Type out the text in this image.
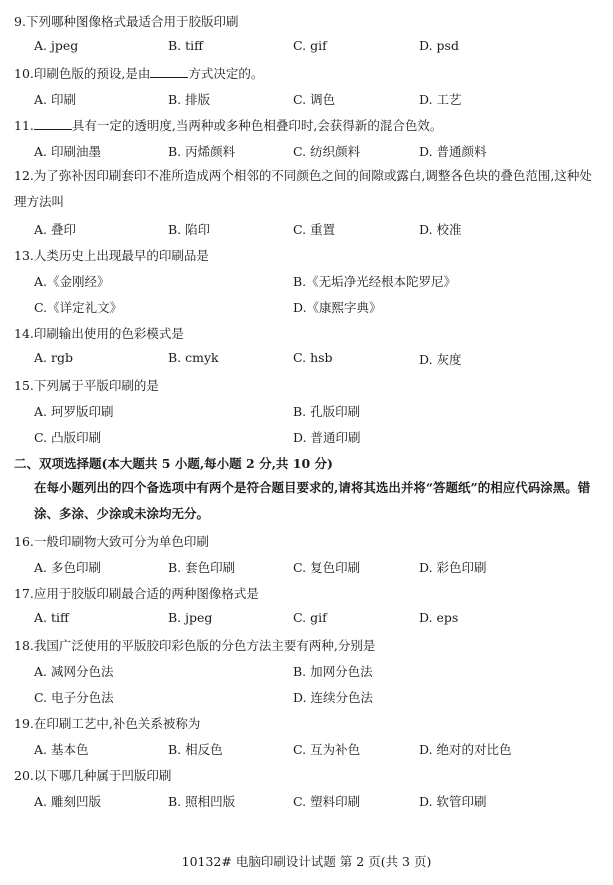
9.下列哪种图像格式最适合用于胶版印刷
A. jpeg	B. tiff	C. gif	D. psd
10.印刷色版的预设,是由	方式决定的。
A. 印刷	B. 排版	C. 调色	D. 工艺
11.	具有一定的透明度,当两种或多种色相叠印时,会获得新的混合色效。
A. 印刷油墨	B. 丙烯颜料	C. 纺织颜料	D. 普通颜料
12.为了弥补因印刷套印不准所造成两个相邻的不同颜色之间的间隙或露白,调整各色块的叠色范围,这种处理方法叫
A. 叠印	B. 陷印	C. 重置	D. 校准
13.人类历史上出现最早的印刷品是
A.《金刚经》	B.《无垢净光经根本陀罗尼》
C.《详定礼文》	D.《康熙字典》
14.印刷输出使用的色彩模式是
A. rgb	B. cmyk	C. hsb	D. 灰度
15.下列属于平版印刷的是
A. 珂罗版印刷	B. 孔版印刷
C. 凸版印刷	D. 普通印刷
二、双项选择题(本大题共 5 小题,每小题 2 分,共 10 分)
在每小题列出的四个备选项中有两个是符合题目要求的,请将其选出并将“答题纸”的相应代码涂黑。错涂、多涂、少涂或未涂均无分。
16.一般印刷物大致可分为单色印刷
A. 多色印刷	B. 套色印刷	C. 复色印刷	D. 彩色印刷
17.应用于胶版印刷最合适的两种图像格式是
A. tiff	B. jpeg	C. gif	D. eps
18.我国广泛使用的平版胶印彩色版的分色方法主要有两种,分别是
A. 减网分色法	B. 加网分色法
C. 电子分色法	D. 连续分色法
19.在印刷工艺中,补色关系被称为
A. 基本色	B. 相反色	C. 互为补色	D. 绝对的对比色
20.以下哪几种属于凹版印刷
A. 雕刻凹版	B. 照相凹版	C. 塑料印刷	D. 软管印刷
10132# 电脑印刷设计试题 第 2 页(共 3 页)
